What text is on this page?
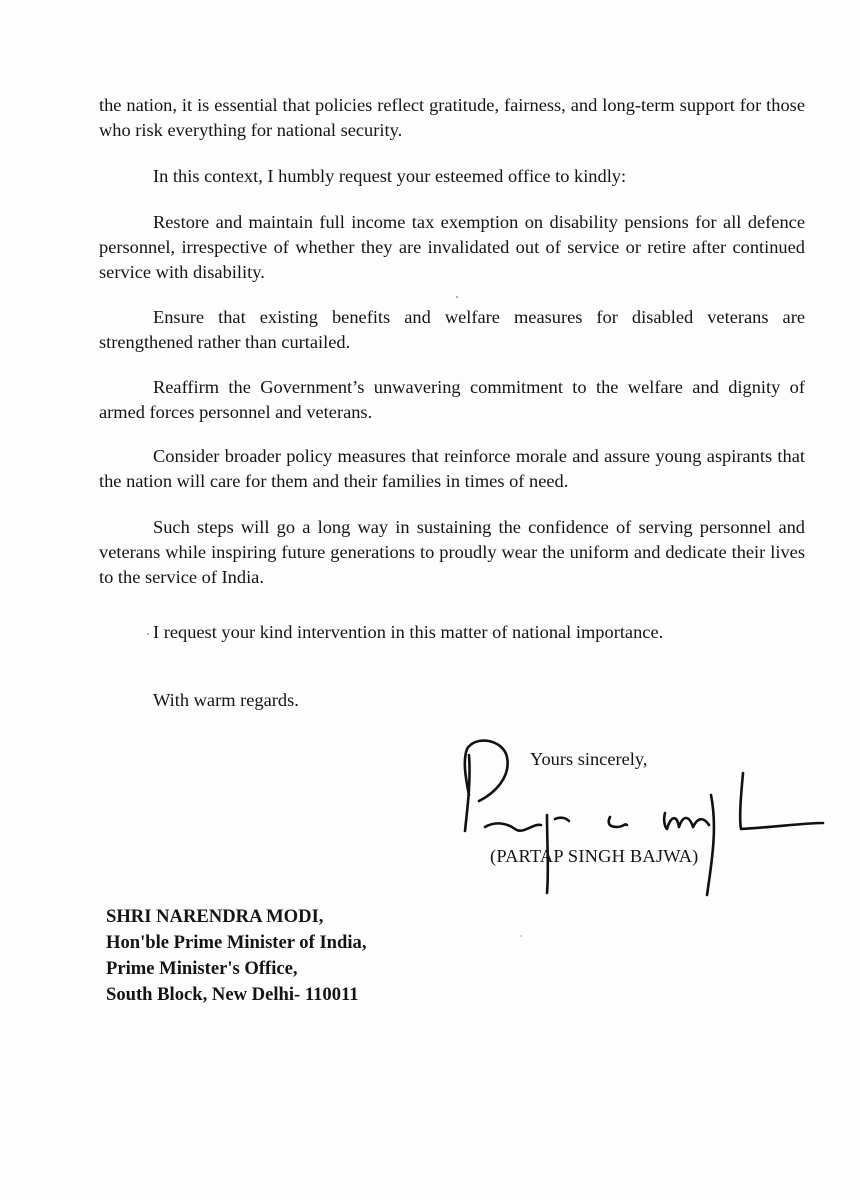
the nation, it is essential that policies reflect gratitude, fairness, and long-term support for those who risk everything for national security.

In this context, I humbly request your esteemed office to kindly:

Restore and maintain full income tax exemption on disability pensions for all defence personnel, irrespective of whether they are invalidated out of service or retire after continued service with disability.

Ensure that existing benefits and welfare measures for disabled veterans are strengthened rather than curtailed.

Reaffirm the Government’s unwavering commitment to the welfare and dignity of armed forces personnel and veterans.

Consider broader policy measures that reinforce morale and assure young aspirants that the nation will care for them and their families in times of need.

Such steps will go a long way in sustaining the confidence of serving personnel and veterans while inspiring future generations to proudly wear the uniform and dedicate their lives to the service of India.

I request your kind intervention in this matter of national importance.

With warm regards.

Yours sincerely,

(PARTAP SINGH BAJWA)

SHRI NARENDRA MODI,
Hon'ble Prime Minister of India,
Prime Minister's Office,
South Block, New Delhi- 110011
